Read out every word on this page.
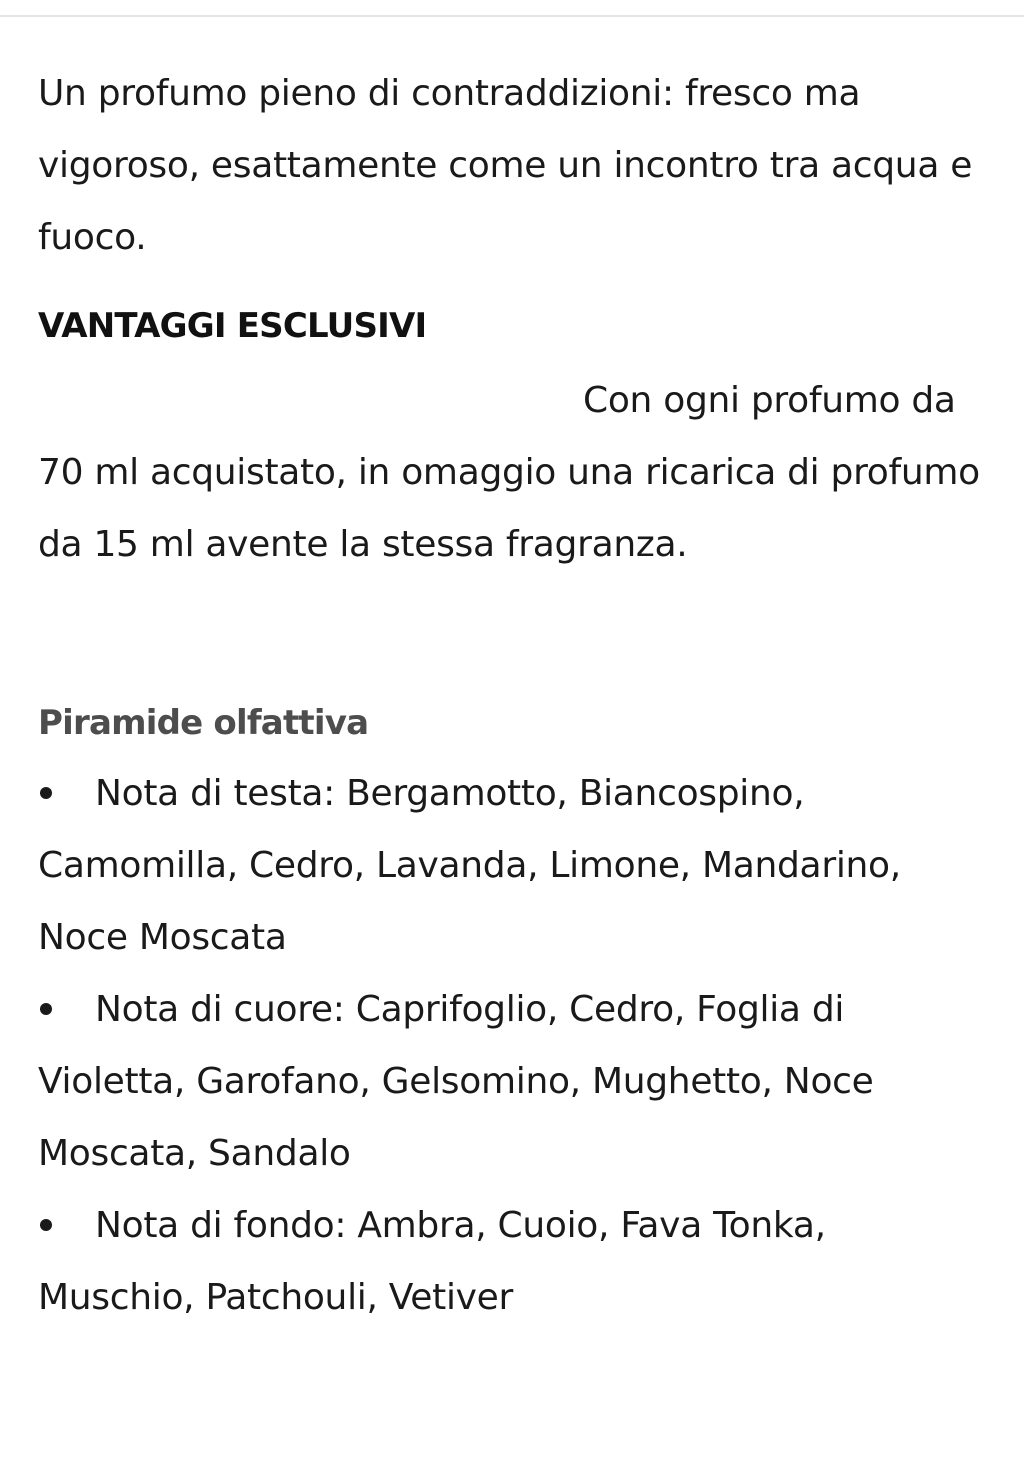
Un profumo pieno di contraddizioni: fresco ma vigoroso, esattamente come un incontro tra acqua e fuoco.

VANTAGGI ESCLUSIVI

Con ogni profumo da 70 ml acquistato, in omaggio una ricarica di profumo da 15 ml avente la stessa fragranza.

Piramide olfattiva
Nota di testa: Bergamotto, Biancospino, Camomilla, Cedro, Lavanda, Limone, Mandarino, Noce Moscata
Nota di cuore: Caprifoglio, Cedro, Foglia di Violetta, Garofano, Gelsomino, Mughetto, Noce Moscata, Sandalo
Nota di fondo: Ambra, Cuoio, Fava Tonka, Muschio, Patchouli, Vetiver
